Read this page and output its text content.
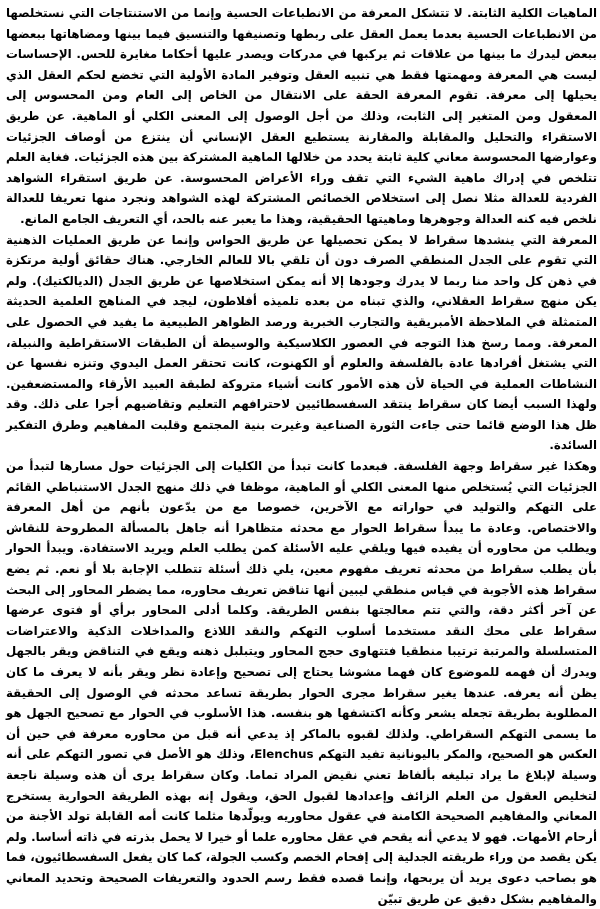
الماهيات الكلية الثابتة. لا تتشكل المعرفة من الانطباعات الحسية وإنما من الاستنتاجات التي نستخلصها من الانطباعات الحسية بعدما يعمل العقل على ربطها وتصنيفها والتنسيق فيما بينها ومضاهاتها ببعضها ببعض ليدرك ما بينها من علاقات ثم يركبها في مدركات ويصدر عليها أحكاما مغايرة للحس. الإحساسات ليست هي المعرفة ومهمتها فقط هي تنبيه العقل وتوفير المادة الأولية التي تخضع لحكم العقل الذي يحيلها إلى معرفة. تقوم المعرفة الحقة على الانتقال من الخاص إلى العام ومن المحسوس إلى المعقول ومن المتغير إلى الثابت، وذلك من أجل الوصول إلى المعنى الكلي أو الماهية. عن طريق الاستقراء والتحليل والمقابلة والمقارنة يستطيع العقل الإنساني أن ينتزع من أوصاف الجزئيات وعوارضها المحسوسة معاني كلية ثابتة يحدد من خلالها الماهية المشتركة بين هذه الجزئيات. فغاية العلم تتلخص في إدراك ماهية الشيء التي تقف وراء الأعراض المحسوسة. عن طريق استقراء الشواهد الفردية للعدالة مثلا نصل إلى استخلاص الخصائص المشتركة لهذه الشواهد ونجرد منها تعريفا للعدالة نلخص فيه كنه العدالة وجوهرها وماهيتها الحقيقية، وهذا ما يعبر عنه بالحد، أي التعريف الجامع المانع.

المعرفة التي ينشدها سقراط لا يمكن تحصيلها عن طريق الحواس وإنما عن طريق العمليات الذهنية التي تقوم على الجدل المنطقي الصرف دون أن تلقي بالا للعالم الخارجي. هناك حقائق أولية مرتكزة في ذهن كل واحد منا ربما لا يدرك وجودها إلا أنه يمكن استخلاصها عن طريق الجدل (الديالكتيك). ولم يكن منهج سقراط العقلاني، والذي تبناه من بعده تلميذه أفلاطون، ليجد في المناهج العلمية الحديثة المتمثلة في الملاحظة الأمبريقية والتجارب الخبرية ورصد الظواهر الطبيعية ما يفيد في الحصول على المعرفة. ومما رسخ هذا التوجه في العصور الكلاسيكية والوسيطة أن الطبقات الاستقراطية والنبيلة، التي يشتغل أفرادها عادة بالفلسفة والعلوم أو الكهنوت، كانت تحتقر العمل اليدوي وتنزه نفسها عن النشاطات العملية في الحياة لأن هذه الأمور كانت أشياء متروكة لطبقة العبيد الأرقاء والمستضعفين. ولهذا السبب أيضا كان سقراط ينتقد السفسطائيين لاحترافهم التعليم وتقاضيهم أجرا على ذلك. وقد ظل هذا الوضع قائما حتى جاءت الثورة الصناعية وغيرت بنية المجتمع وقلبت المفاهيم وطرق التفكير السائدة.

وهكذا غير سقراط وجهة الفلسفة. فبعدما كانت تبدأ من الكليات إلى الجزئيات حول مسارها لتبدأ من الجزئيات التي يُستخلص منها المعنى الكلي أو الماهية، موظفا في ذلك منهج الجدل الاستنباطي القائم على التهكم والتوليد في حواراته مع الآخرين، خصوصا مع من يدّعون بأنهم من أهل المعرفة والاختصاص. وعادة ما يبدأ سقراط الحوار مع محدثه متظاهرا أنه جاهل بالمسألة المطروحة للنقاش ويطلب من محاوره أن يفيده فيها ويلقي عليه الأسئلة كمن يطلب العلم ويريد الاستفادة. ويبدأ الحوار بأن يطلب سقراط من محدثه تعريف مفهوم معين، يلي ذلك أسئلة تتطلب الإجابة بلا أو نعم. ثم يضع سقراط هذه الأجوبة في قياس منطقي ليبين أنها تناقض تعريف محاوره، مما يضطر المحاور إلى البحث عن آخر أكثر دقة، والتي تتم معالجتها بنفس الطريقة. وكلما أدلى المحاور برأي أو فتوى عرضها سقراط على محك النقد مستخدما أسلوب التهكم والنقد اللاذع والمداخلات الذكية والاعتراضات المتسلسلة والمرتبة ترتيبا منطقيا فتتهاوى حجج المحاور ويتبلبل ذهنه ويقع في التناقض ويقر بالجهل ويدرك أن فهمه للموضوع كان فهما مشوشا يحتاج إلى تصحيح وإعادة نظر ويقر بأنه لا يعرف ما كان يظن أنه يعرفه. عندها يغير سقراط مجرى الحوار بطريقة تساعد محدثه في الوصول إلى الحقيقة المطلوبة بطريقة تجعله يشعر وكأنه اكتشفها هو بنفسه. هذا الأسلوب في الحوار مع تصحيح الجهل هو ما يسمى التهكم السقراطي. ولذلك لقبوه بالماكر إذ يدعي أنه قبل من محاوره معرفة في حين أن العكس هو الصحيح، والمكر باليونانية تفيد التهكم Elenchus، وذلك هو الأصل في تصور التهكم على أنه وسيلة لإبلاغ ما يراد تبليغه بألفاظ تعني نقيض المراد تماما. وكان سقراط يرى أن هذه وسيلة ناجعة لتخليص العقول من العلم الزائف وإعدادها لقبول الحق، ويقول إنه بهذه الطريقة الحوارية يستخرج المعاني والمفاهيم الصحيحة الكامنة في عقول محاوريه ويولّدها مثلما كانت أمه القابلة تولد الأجنة من أرحام الأمهات. فهو لا يدعي أنه يقحم في عقل محاوره علما أو خيرا لا يحمل بذرته في ذاته أساسا. ولم يكن يقصد من وراء طريقته الجدلية إلى إفحام الخصم وكسب الجولة، كما كان يفعل السفسطائيون، فما هو بصاحب دعوى يريد أن يربحها، وإنما قصده فقط رسم الحدود والتعريفات الصحيحة وتحديد المعاني والمفاهيم بشكل دقيق عن طريق تبيّن
